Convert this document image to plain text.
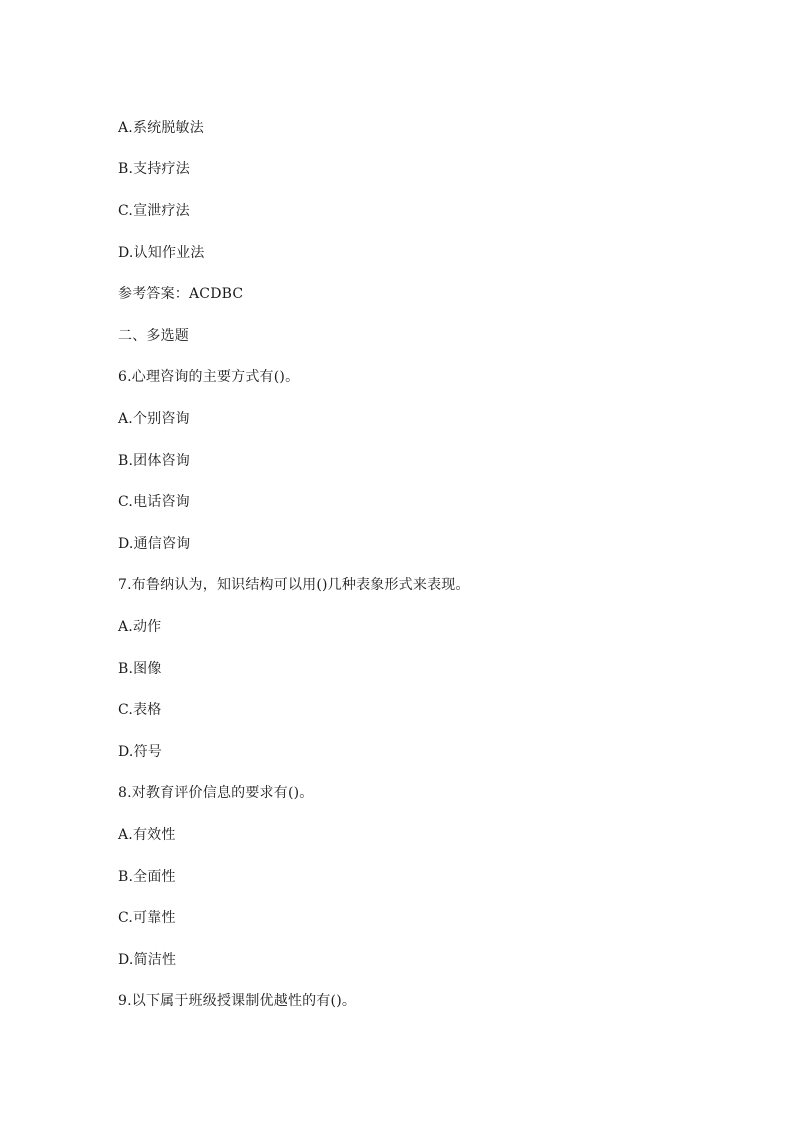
A.系统脱敏法
B.支持疗法
C.宣泄疗法
D.认知作业法
参考答案：ACDBC
二、多选题
6.心理咨询的主要方式有()。
A.个别咨询
B.团体咨询
C.电话咨询
D.通信咨询
7.布鲁纳认为，知识结构可以用()几种表象形式来表现。
A.动作
B.图像
C.表格
D.符号
8.对教育评价信息的要求有()。
A.有效性
B.全面性
C.可靠性
D.简洁性
9.以下属于班级授课制优越性的有()。
